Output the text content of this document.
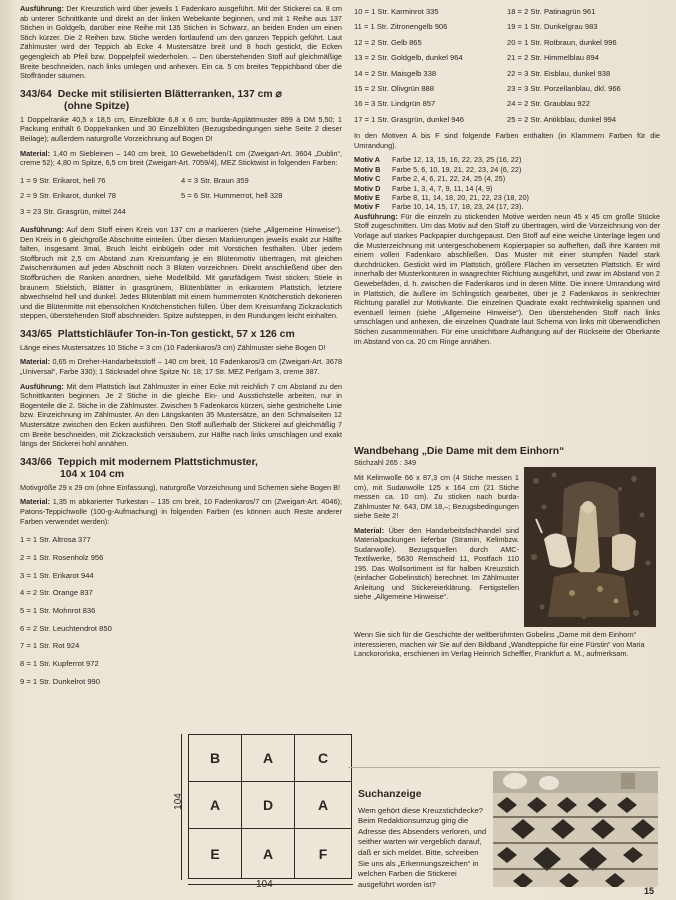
Ausführung: Der Kreuzstich wird über jeweils 1 Fadenkaro ausgeführt. Mit der Stickerei ca. 8 cm ab unterer Schnittkante und direkt an der linken Webekante beginnen, und mit 1 Reihe aus 137 Stichen in Goldgelb, darüber eine Reihe mit 135 Stichen in Schwarz, an beiden Enden um einen Stich kürzer. Die 2 Reihen bzw. Stiche werden fortlaufend um den ganzen Teppich geführt. Laut Zählmuster wird der Teppich ab Ecke 4 Mustersätze breit und 8 hoch gestickt, die Ecken gegengleich ab Pfeil bzw. Doppelpfeil wiederholen. – Den überstehenden Stoff auf gleichmäßige Breite beschneiden, nach links umlegen und anhexen. Ein ca. 5 cm breites Teppichband über die Stoffränder säumen.

343/64 Decke mit stilisierten Blätterranken, 137 cm ⌀
(ohne Spitze)

1 Doppelranke 40,5 x 18,5 cm, Einzelblüte 6,8 x 6 cm; burda-Applättmuster 899 à DM 5,50; 1 Packung enthält 6 Doppelranken und 30 Einzelblüten (Bezugsbedingungen siehe Seite 2 dieser Beilage); außerdem naturgroße Vorzeichnung auf Bogen D!

Material: 1,40 m Siebleinen – 140 cm breit, 10 Gewebefäden/1 cm (Zweigart-Art. 3604 „Dublin“, creme 52); 4,80 m Spitze, 6,5 cm breit (Zweigart-Art. 7059/4), MEZ Sticktwist in folgenden Farben:

1 = 9 Str. Erikarot, hell 76	4 = 3 Str. Braun 359
2 = 9 Str. Erikarot, dunkel 78	5 = 6 Str. Hummerrot, hell 328
3 = 23 Str. Grasgrün, mittel 244

Ausführung: Auf dem Stoff einen Kreis von 137 cm ⌀ markieren (siehe „Allgemeine Hinweise“). Den Kreis in 6 gleichgroße Abschnitte einteilen. Über diesen Markierungen jeweils exakt zur Hälfte falten, insgesamt 3mal, Bruch leicht einbügeln oder mit Vorstichen festhalten. Über jedem Stoffbruch mit 2,5 cm Abstand zum Kreisumfang je ein Blütenmotiv übertragen, mit gleichen Zwischenräumen auf jeden Abschnitt noch 3 Blüten vorzeichnen. Direkt anschließend über den Stoffbrüchen die Ranken anordnen, siehe Modellbild. Mit ganzfädigem Twist sticken; Stiele in braunem Stielstich, Blätter in grasgrünem, Blütenblätter in erikarotem Plattstich, letztere abwechselnd hell und dunkel. Jedes Blütenblatt mit einem hummerroten Knötchenstich dekorieren und die Blütenmitte mit ebensolchen Knötchenstichen füllen. Über dem Kreisumfang Zickzackstich steppen, überstehenden Stoff abschneiden. Spitze aufsteppen, in den Rundungen leicht einhalten.

343/65 Plattstichläufer Ton-in-Ton gestickt, 57 x 126 cm

Länge eines Mustersatzes 10 Stiche = 3 cm (10 Fadenkaros/3 cm) Zählmuster siehe Bogen D!

Material: 0,65 m Dreher-Handarbeitsstoff – 140 cm breit, 10 Fadenkaros/3 cm (Zweigart-Art. 3678 „Universal“, Farbe 330); 1 Sticknadel ohne Spitze Nr. 18; 17 Str. MEZ Perlgarn 3, creme 387.

Ausführung: Mit dem Plattstich laut Zählmuster in einer Ecke mit reichlich 7 cm Abstand zu den Schnittkanten beginnen. Je 2 Stiche in die gleiche Ein- und Ausstichstelle arbeiten, nur in Bogenteile die 2. Stiche in die Zählmuster. Zwischen 5 Fadenkaros kürzen, siehe gestrichelte Linie bzw. Einzeichnung im Zählmuster. An den Längskanten 35 Mustersätze, an den Schmalseiten 12 Mustersätze zwischen den Ecken ausführen. Den Stoff außerhalb der Stickerei auf gleichmäßig 7 cm Breite beschneiden, mit Zickzackstich versäubern, zur Hälfte nach links umschlagen und exakt längs der Stickerei hohl annähen.

343/66 Teppich mit modernem Plattstichmuster,
104 x 104 cm

Motivgröße 29 x 29 cm (ohne Einfassung), naturgroße Vorzeichnung und Schemen siehe Bogen B!

Material: 1,35 m abkarierter Turkestan – 135 cm breit, 10 Fadenkaros/7 cm (Zweigart-Art. 4046); Patons-Teppichwolle (100-g-Aufmachung) in folgenden Farben (es können auch Reste anderer Farben verwendet werden):

1 = 1 Str. Altrosa 377
2 = 1 Str. Rosenholz 956
3 = 1 Str. Erikarot 944
4 = 2 Str. Orange 837
5 = 1 Str. Mohnrot 836
6 = 2 Str. Leuchtendrot 850
7 = 1 Str. Rot 924
8 = 1 Str. Kupferrot 972
9 = 1 Str. Dunkelrot 990
104
B	A	C
A	D	A
E	A	F
104
10 = 1 Str. Karminrot 335	18 = 2 Str. Patinagrün 961
11 = 1 Str. Zitronengelb 906	19 = 1 Str. Dunkelgrau 983
12 = 2 Str. Gelb 865	20 = 1 Str. Rotbraun, dunkel 996
13 = 2 Str. Goldgelb, dunkel 964	21 = 2 Str. Himmelblau 894
14 = 2 Str. Maisgelb 338	22 = 3 Str. Eisblau, dunkel 938
15 = 2 Str. Olivgrün 888	23 = 3 Str. Porzellanblau, dkl. 966
16 = 3 Str. Lindgrün 857	24 = 2 Str. Graublau 922
17 = 1 Str. Grasgrün, dunkel 946	25 = 2 Str. Antikblau, dunkel 994

In den Motiven A bis F sind folgende Farben enthalten (in Klammern Farben für die Umrandung).

Motiv A Farbe 12, 13, 15, 16, 22, 23, 25 (16, 22)
Motiv B Farbe 5, 6, 10, 19, 21, 22, 23, 24 (6, 22)
Motiv C Farbe 2, 4, 6, 21, 22, 24, 25 (4, 25)
Motiv D Farbe 1, 3, 4, 7, 9, 11, 14 (4, 9)
Motiv E Farbe 8, 11, 14, 18, 20, 21, 22, 23 (18, 20)
Motiv F Farbe 10, 14, 15, 17, 18, 23, 24 (17, 23).

Ausführung: Für die einzeln zu stickenden Motive werden neun 45 x 45 cm große Stücke Stoff zugeschnitten. Um das Motiv auf den Stoff zu übertragen, wird die Vorzeichnung von der Vorlage auf starkes Packpapier durchgepaust. Den Stoff auf eine weiche Unterlage legen und die Musterzeichnung mit untergeschobenem Kopierpapier so aufheften, daß ihre Kanten mit einem vollen Fadenkaro abschließen. Das Muster mit einer stumpfen Nadel stark durchdrücken. Gestickt wird im Plattstich, größere Flächen im versetzten Plattstich. Er wird innerhalb der Musterkonturen in waagrechter Richtung ausgeführt, und zwar im Abstand von 2 Gewebefäden, d. h. zwischen die Fadenkaros und in deren Mitte. Die innere Umrandung wird in Plattstich, die äußere im Schlingstich gearbeitet, über je 2 Fadenkaros in senkrechter Richtung parallel zur Motivkante. Die einzelnen Quadrate exakt rechtwinkelig spannen und eventuell leimen (siehe „Allgemeine Hinweise“). Den überstehenden Stoff nach links umschlagen und anhexen, die einzelnen Quadrate laut Schema von links mit überwendlichen Stichen zusammennähen. Für eine unsichtbare Aufhängung auf der Rückseite der Oberkante im Abstand von ca. 20 cm Ringe annähen.

Wandbehang „Die Dame mit dem Einhorn“
Stichzahl 265 : 349

Mit Kelimwolle 66 x 87,3 cm (4 Stiche messen 1 cm), mit Sudanwolle 125 x 164 cm (21 Stiche messen ca. 10 cm). Zu sticken nach burda-Zählmuster Nr. 643, DM 18,–; Bezugsbedingungen siehe Seite 2!

Material: Über den Handarbeitsfachhandel sind Materialpackungen lieferbar (Stramin, Kelimbzw. Sudanwolle). Bezugsquellen durch AMC-Textilwerke, 5630 Remscheid 11, Postfach 110 195. Das Wollsortiment ist für halben Kreuzstich (einfacher Gobelinstich) berechnet. Im Zählmuster Anleitung und Stickereierklärung. Fertigstellen siehe „Allgemeine Hinweise“.

Wenn Sie sich für die Geschichte der weltberühmten Gobelins „Dame mit dem Einhorn“ interessieren, machen wir Sie auf den Bildband „Wandteppiche für eine Fürstin“ von Maria Lanckorońska, erschienen im Verlag Heinrich Scheffler, Frankfurt a. M., aufmerksam.
Suchanzeige
Wem gehört diese Kreuzstichdecke? Beim Redaktionsumzug ging die Adresse des Absenders verloren, und seither warten wir vergeblich darauf, daß er sich meldet. Bitte, schreiben Sie uns als „Erkennungszeichen“ in welchen Farben die Stickerei ausgeführt worden ist?
15
